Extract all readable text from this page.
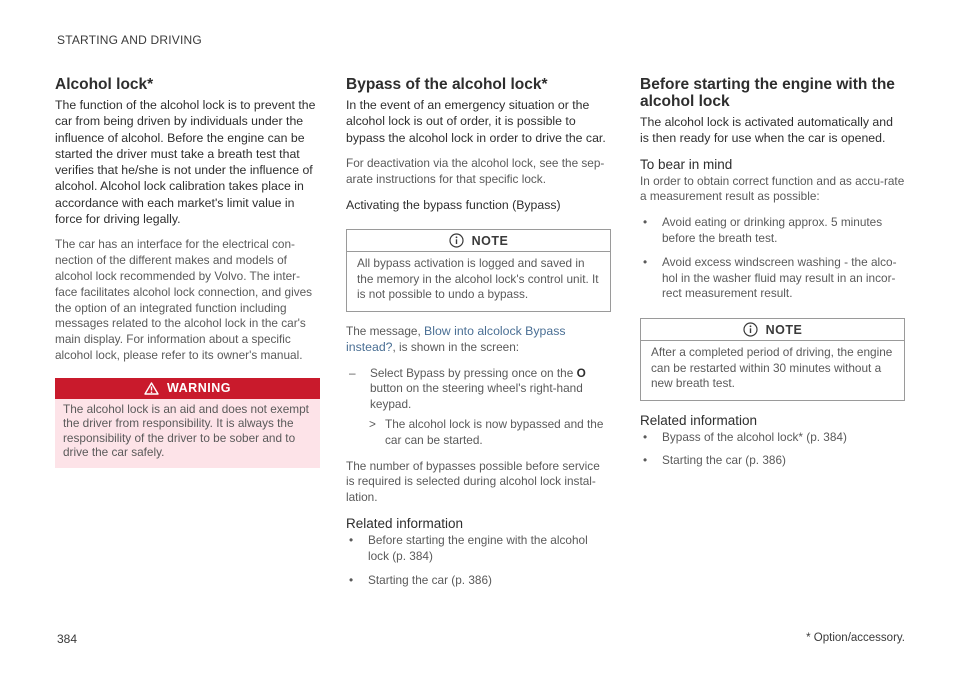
STARTING AND DRIVING
Alcohol lock*

The function of the alcohol lock is to prevent the car from being driven by individuals under the influence of alcohol. Before the engine can be started the driver must take a breath test that verifies that he/she is not under the influence of alcohol. Alcohol lock calibration takes place in accordance with each market's limit value in force for driving legally.

The car has an interface for the electrical con-nection of the different makes and models of alcohol lock recommended by Volvo. The inter-face facilitates alcohol lock connection, and gives the option of an integrated function including messages related to the alcohol lock in the car's main display. For information about a specific alcohol lock, please refer to its owner's manual.

WARNING
The alcohol lock is an aid and does not exempt the driver from responsibility. It is always the responsibility of the driver to be sober and to drive the car safely.
Bypass of the alcohol lock*

In the event of an emergency situation or the alcohol lock is out of order, it is possible to bypass the alcohol lock in order to drive the car.

For deactivation via the alcohol lock, see the sep-arate instructions for that specific lock.

Activating the bypass function (Bypass)

NOTE
All bypass activation is logged and saved in the memory in the alcohol lock's control unit. It is not possible to undo a bypass.

The message, Blow into alcolock Bypass instead?, is shown in the screen:

– Select Bypass by pressing once on the O button on the steering wheel's right-hand keypad.
> The alcohol lock is now bypassed and the car can be started.

The number of bypasses possible before service is required is selected during alcohol lock instal-lation.

Related information
• Before starting the engine with the alcohol lock (p. 384)
• Starting the car (p. 386)
Before starting the engine with the alcohol lock

The alcohol lock is activated automatically and is then ready for use when the car is opened.

To bear in mind

In order to obtain correct function and as accu-rate a measurement result as possible:

• Avoid eating or drinking approx. 5 minutes before the breath test.
• Avoid excess windscreen washing - the alco-hol in the washer fluid may result in an incor-rect measurement result.
NOTE
After a completed period of driving, the engine can be restarted within 30 minutes without a new breath test.
Related information
• Bypass of the alcohol lock* (p. 384)
• Starting the car (p. 386)
384	* Option/accessory.
